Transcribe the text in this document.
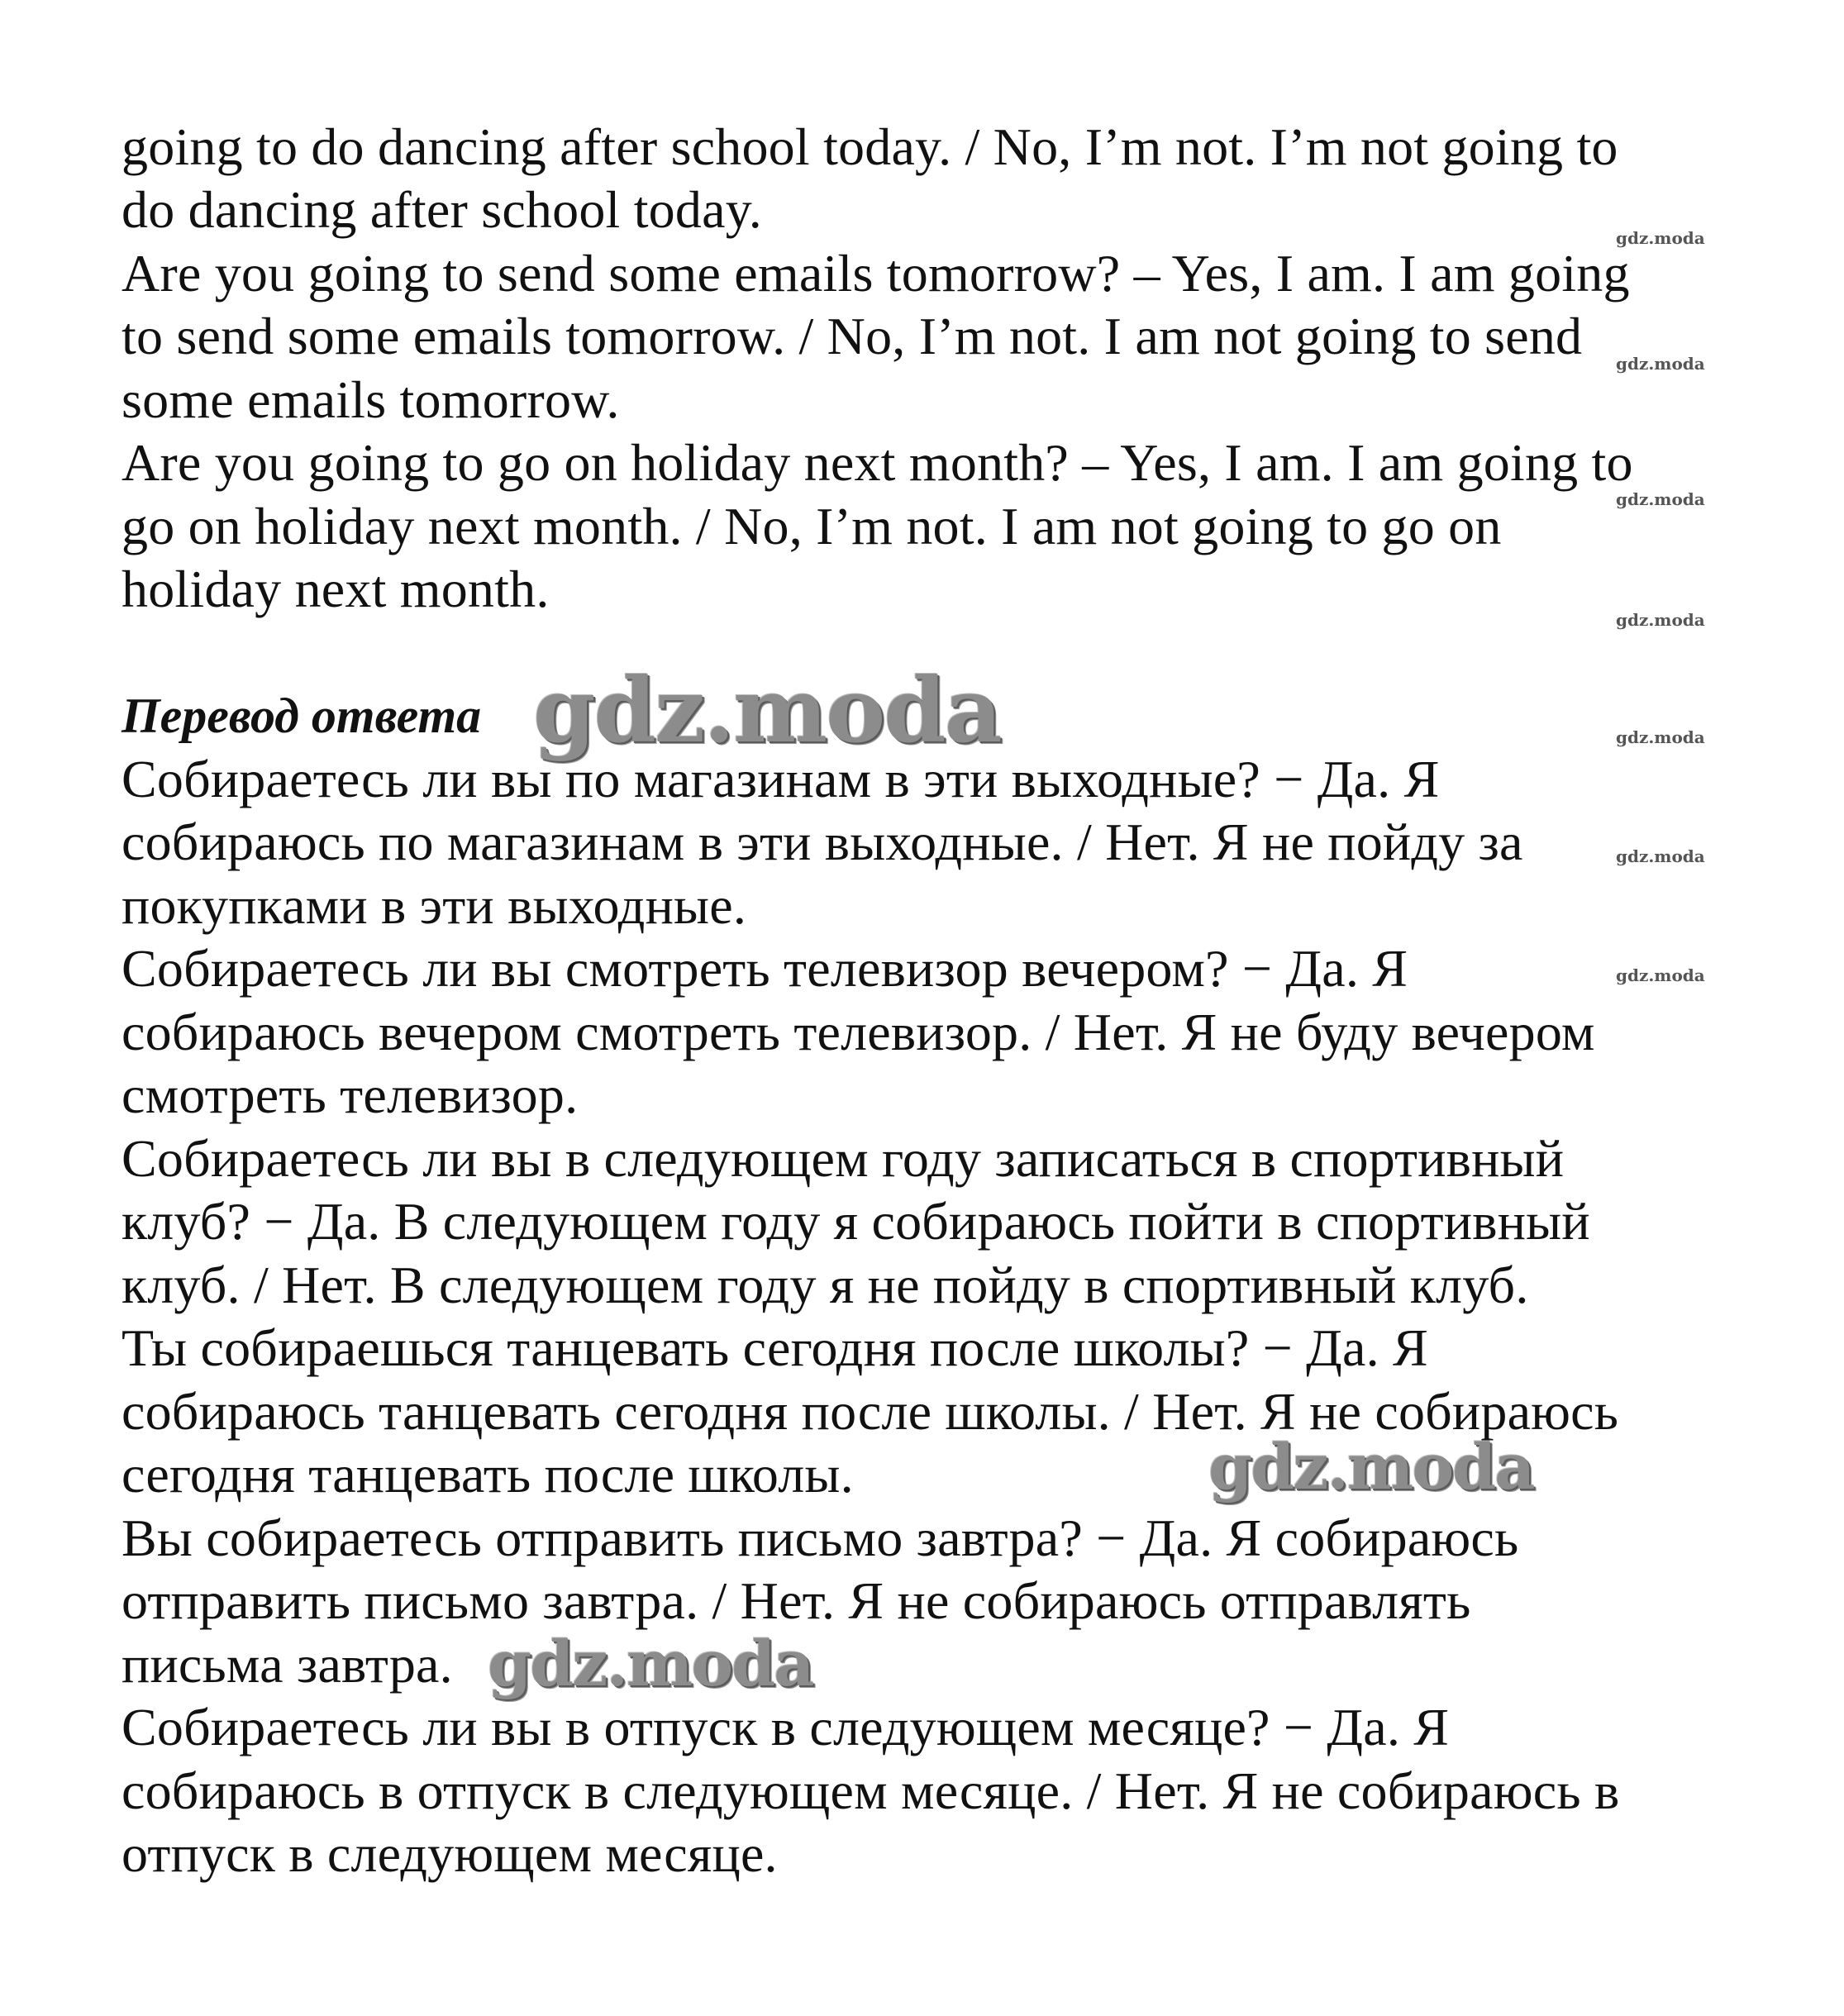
going to do dancing after school today. / No, I’m not. I’m not going to
do dancing after school today.
Are you going to send some emails tomorrow? – Yes, I am. I am going
to send some emails tomorrow. / No, I’m not. I am not going to send
some emails tomorrow.
Are you going to go on holiday next month? – Yes, I am. I am going to
go on holiday next month. / No, I’m not. I am not going to go on
holiday next month.
Перевод ответа
Собираетесь ли вы по магазинам в эти выходные? − Да. Я
собираюсь по магазинам в эти выходные. / Нет. Я не пойду за
покупками в эти выходные.
Собираетесь ли вы смотреть телевизор вечером? − Да. Я
собираюсь вечером смотреть телевизор. / Нет. Я не буду вечером
смотреть телевизор.
Собираетесь ли вы в следующем году записаться в спортивный
клуб? − Да. В следующем году я собираюсь пойти в спортивный
клуб. / Нет. В следующем году я не пойду в спортивный клуб.
Ты собираешься танцевать сегодня после школы? − Да. Я
собираюсь танцевать сегодня после школы. / Нет. Я не собираюсь
сегодня танцевать после школы.
Вы собираетесь отправить письмо завтра? − Да. Я собираюсь
отправить письмо завтра. / Нет. Я не собираюсь отправлять
письма завтра.
Собираетесь ли вы в отпуск в следующем месяце? − Да. Я
собираюсь в отпуск в следующем месяце. / Нет. Я не собираюсь в
отпуск в следующем месяце.
gdz.moda
gdz.moda
gdz.moda
gdz.moda
gdz.moda
gdz.moda
gdz.moda
gdz.moda
gdz.moda
gdz.moda
